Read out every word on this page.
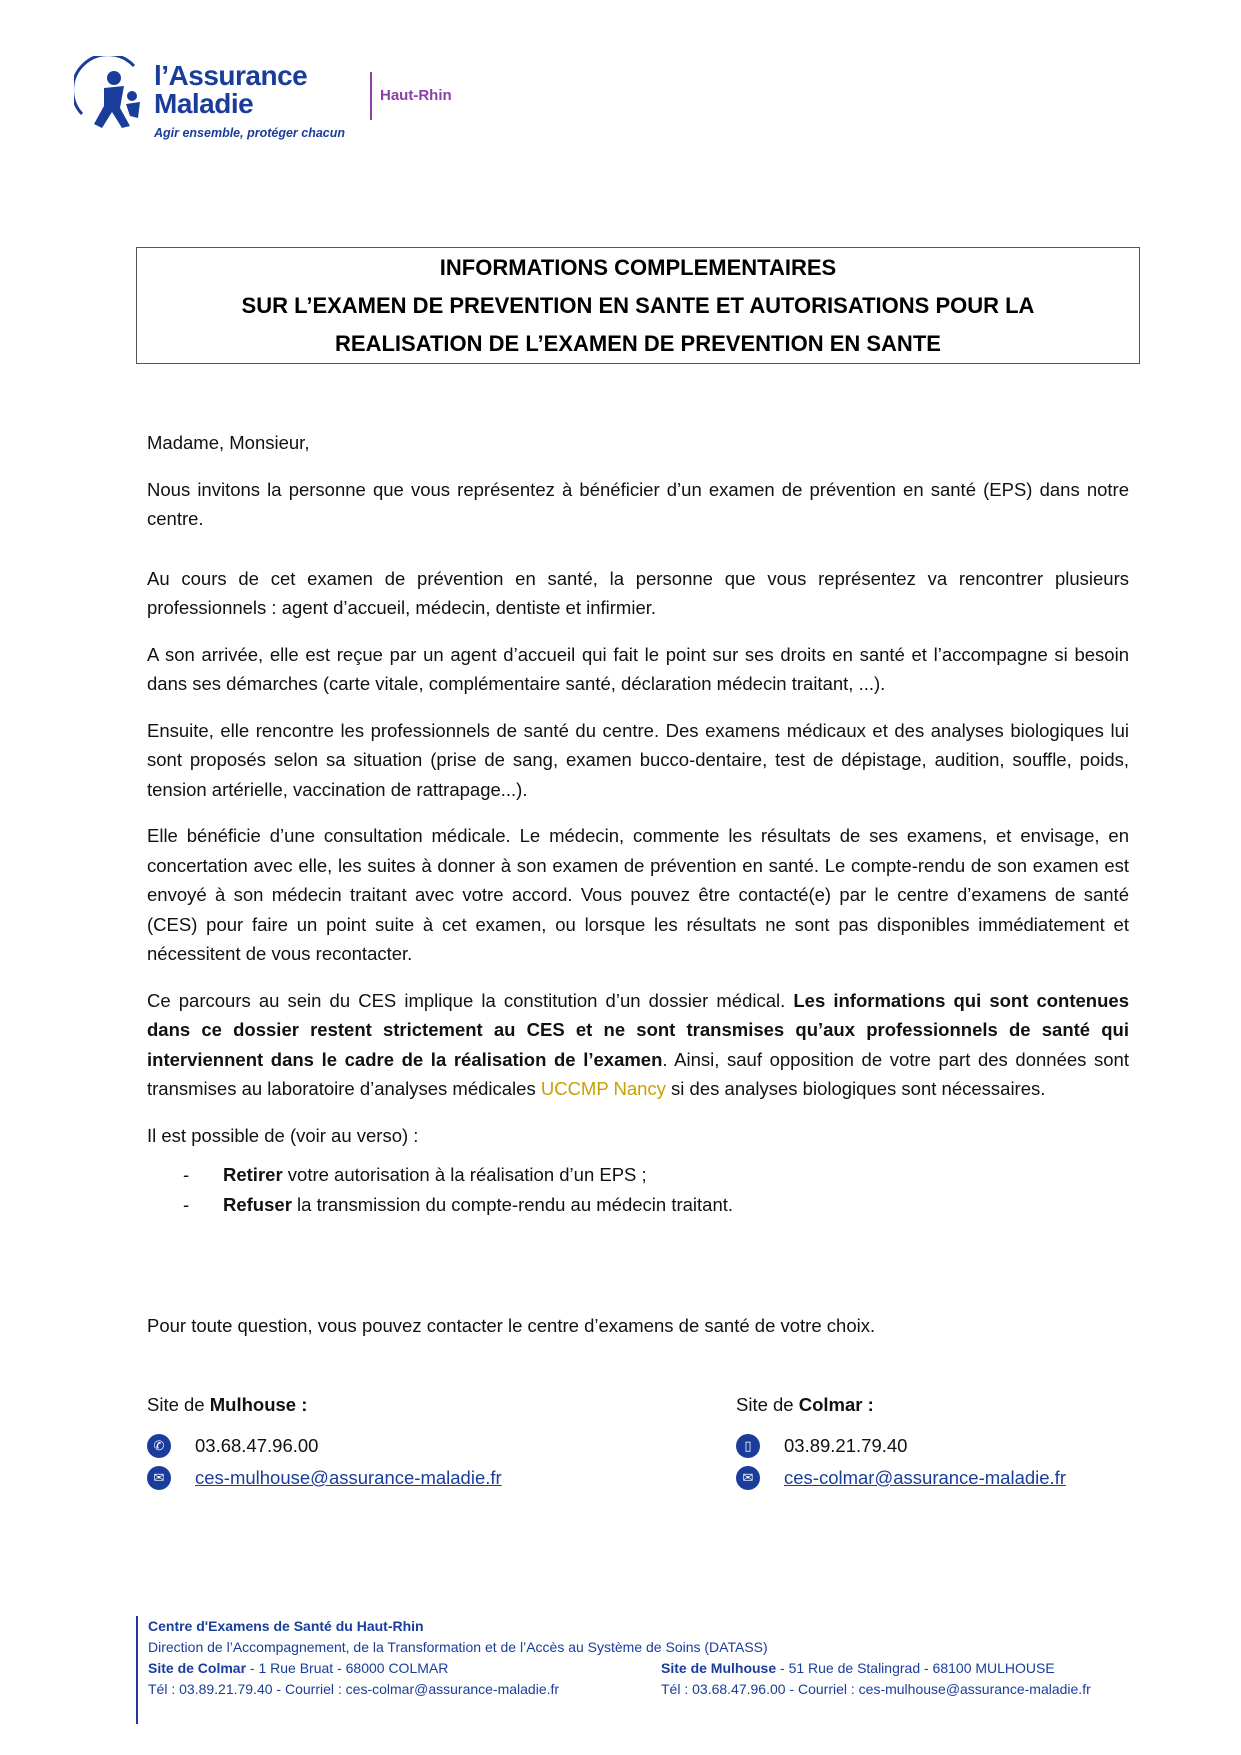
l’Assurance
Maladie
Agir ensemble, protéger chacun
Haut-Rhin
INFORMATIONS COMPLEMENTAIRES
SUR L’EXAMEN DE PREVENTION EN SANTE ET AUTORISATIONS POUR LA
REALISATION DE L’EXAMEN DE PREVENTION EN SANTE

Madame, Monsieur,

Nous invitons la personne que vous représentez à bénéficier d’un examen de prévention en santé (EPS) dans notre centre.

Au cours de cet examen de prévention en santé, la personne que vous représentez va rencontrer plusieurs professionnels : agent d’accueil, médecin, dentiste et infirmier.

A son arrivée, elle est reçue par un agent d’accueil qui fait le point sur ses droits en santé et l’accompagne si besoin dans ses démarches (carte vitale, complémentaire santé, déclaration médecin traitant, ...).

Ensuite, elle rencontre les professionnels de santé du centre. Des examens médicaux et des analyses biologiques lui sont proposés selon sa situation (prise de sang, examen bucco-dentaire, test de dépistage, audition, souffle, poids, tension artérielle, vaccination de rattrapage...).

Elle bénéficie d’une consultation médicale. Le médecin, commente les résultats de ses examens, et envisage, en concertation avec elle, les suites à donner à son examen de prévention en santé. Le compte-rendu de son examen est envoyé à son médecin traitant avec votre accord. Vous pouvez être contacté(e) par le centre d’examens de santé (CES) pour faire un point suite à cet examen, ou lorsque les résultats ne sont pas disponibles immédiatement et nécessitent de vous recontacter.

Ce parcours au sein du CES implique la constitution d’un dossier médical. Les informations qui sont contenues dans ce dossier restent strictement au CES et ne sont transmises qu’aux professionnels de santé qui interviennent dans le cadre de la réalisation de l’examen. Ainsi, sauf opposition de votre part des données sont transmises au laboratoire d’analyses médicales UCCMP Nancy si des analyses biologiques sont nécessaires.

Il est possible de (voir au verso) :

-	Retirer votre autorisation à la réalisation d’un EPS ;
-	Refuser la transmission du compte-rendu au médecin traitant.
Pour toute question, vous pouvez contacter le centre d’examens de santé de votre choix.
Site de Mulhouse :
✆	03.68.47.96.00
✉	ces-mulhouse@assurance-maladie.fr
Site de Colmar :
▯	03.89.21.79.40
✉	ces-colmar@assurance-maladie.fr
Centre d'Examens de Santé du Haut-Rhin
Direction de l’Accompagnement, de la Transformation et de l’Accès au Système de Soins (DATASS)
Site de Colmar - 1 Rue Bruat - 68000 COLMAR	Site de Mulhouse - 51 Rue de Stalingrad - 68100 MULHOUSE
Tél : 03.89.21.79.40 - Courriel : ces-colmar@assurance-maladie.fr	Tél : 03.68.47.96.00 - Courriel : ces-mulhouse@assurance-maladie.fr
